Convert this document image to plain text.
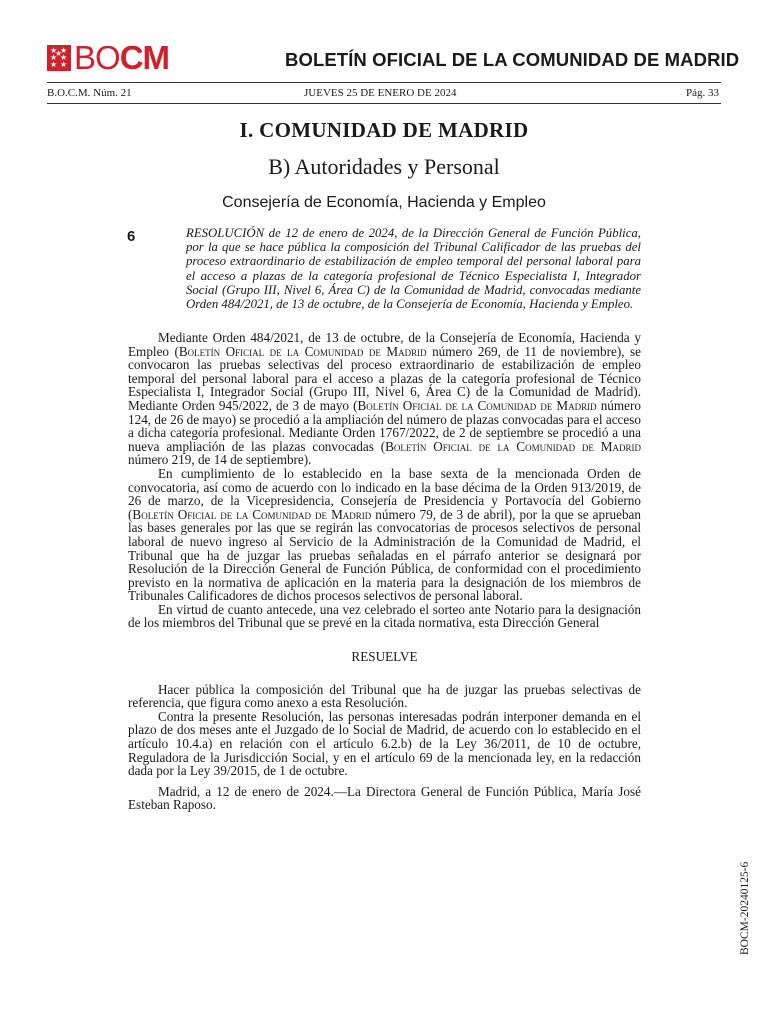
★ ★
★ ★
★ ★
★ BOCM	BOLETÍN OFICIAL DE LA COMUNIDAD DE MADRID
B.O.C.M. Núm. 21	JUEVES 25 DE ENERO DE 2024	Pág. 33
I. COMUNIDAD DE MADRID
B) Autoridades y Personal
Consejería de Economía, Hacienda y Empleo
6	RESOLUCIÓN de 12 de enero de 2024, de la Dirección General de Función Pública, por la que se hace pública la composición del Tribunal Calificador de las pruebas del proceso extraordinario de estabilización de empleo temporal del personal laboral para el acceso a plazas de la categoría profesional de Técnico Especialista I, Integrador Social (Grupo III, Nivel 6, Área C) de la Comunidad de Madrid, convocadas mediante Orden 484/2021, de 13 de octubre, de la Consejería de Economía, Hacienda y Empleo.

Mediante Orden 484/2021, de 13 de octubre, de la Consejería de Economía, Hacienda y Empleo (Boletín Oficial de la Comunidad de Madrid número 269, de 11 de noviembre), se convocaron las pruebas selectivas del proceso extraordinario de estabilización de empleo temporal del personal laboral para el acceso a plazas de la categoría profesional de Técnico Especialista I, Integrador Social (Grupo III, Nivel 6, Área C) de la Comunidad de Madrid). Mediante Orden 945/2022, de 3 de mayo (Boletín Oficial de la Comunidad de Madrid número 124, de 26 de mayo) se procedió a la ampliación del número de plazas convocadas para el acceso a dicha categoría profesional. Mediante Orden 1767/2022, de 2 de septiembre se procedió a una nueva ampliación de las plazas convocadas (Boletín Oficial de la Comunidad de Madrid número 219, de 14 de septiembre).

En cumplimiento de lo establecido en la base sexta de la mencionada Orden de convocatoria, así como de acuerdo con lo indicado en la base décima de la Orden 913/2019, de 26 de marzo, de la Vicepresidencia, Consejería de Presidencia y Portavocía del Gobierno (Boletín Oficial de la Comunidad de Madrid número 79, de 3 de abril), por la que se aprueban las bases generales por las que se regirán las convocatorias de procesos selectivos de personal laboral de nuevo ingreso al Servicio de la Administración de la Comunidad de Madrid, el Tribunal que ha de juzgar las pruebas señaladas en el párrafo anterior se designará por Resolución de la Dirección General de Función Pública, de conformidad con el procedimiento previsto en la normativa de aplicación en la materia para la designación de los miembros de Tribunales Calificadores de dichos procesos selectivos de personal laboral.

En virtud de cuanto antecede, una vez celebrado el sorteo ante Notario para la designación de los miembros del Tribunal que se prevé en la citada normativa, esta Dirección General

RESUELVE

Hacer pública la composición del Tribunal que ha de juzgar las pruebas selectivas de referencia, que figura como anexo a esta Resolución.

Contra la presente Resolución, las personas interesadas podrán interponer demanda en el plazo de dos meses ante el Juzgado de lo Social de Madrid, de acuerdo con lo establecido en el artículo 10.4.a) en relación con el artículo 6.2.b) de la Ley 36/2011, de 10 de octubre, Reguladora de la Jurisdicción Social, y en el artículo 69 de la mencionada ley, en la redacción dada por la Ley 39/2015, de 1 de octubre.

Madrid, a 12 de enero de 2024.—La Directora General de Función Pública, María José Esteban Raposo.

BOCM-20240125-6
